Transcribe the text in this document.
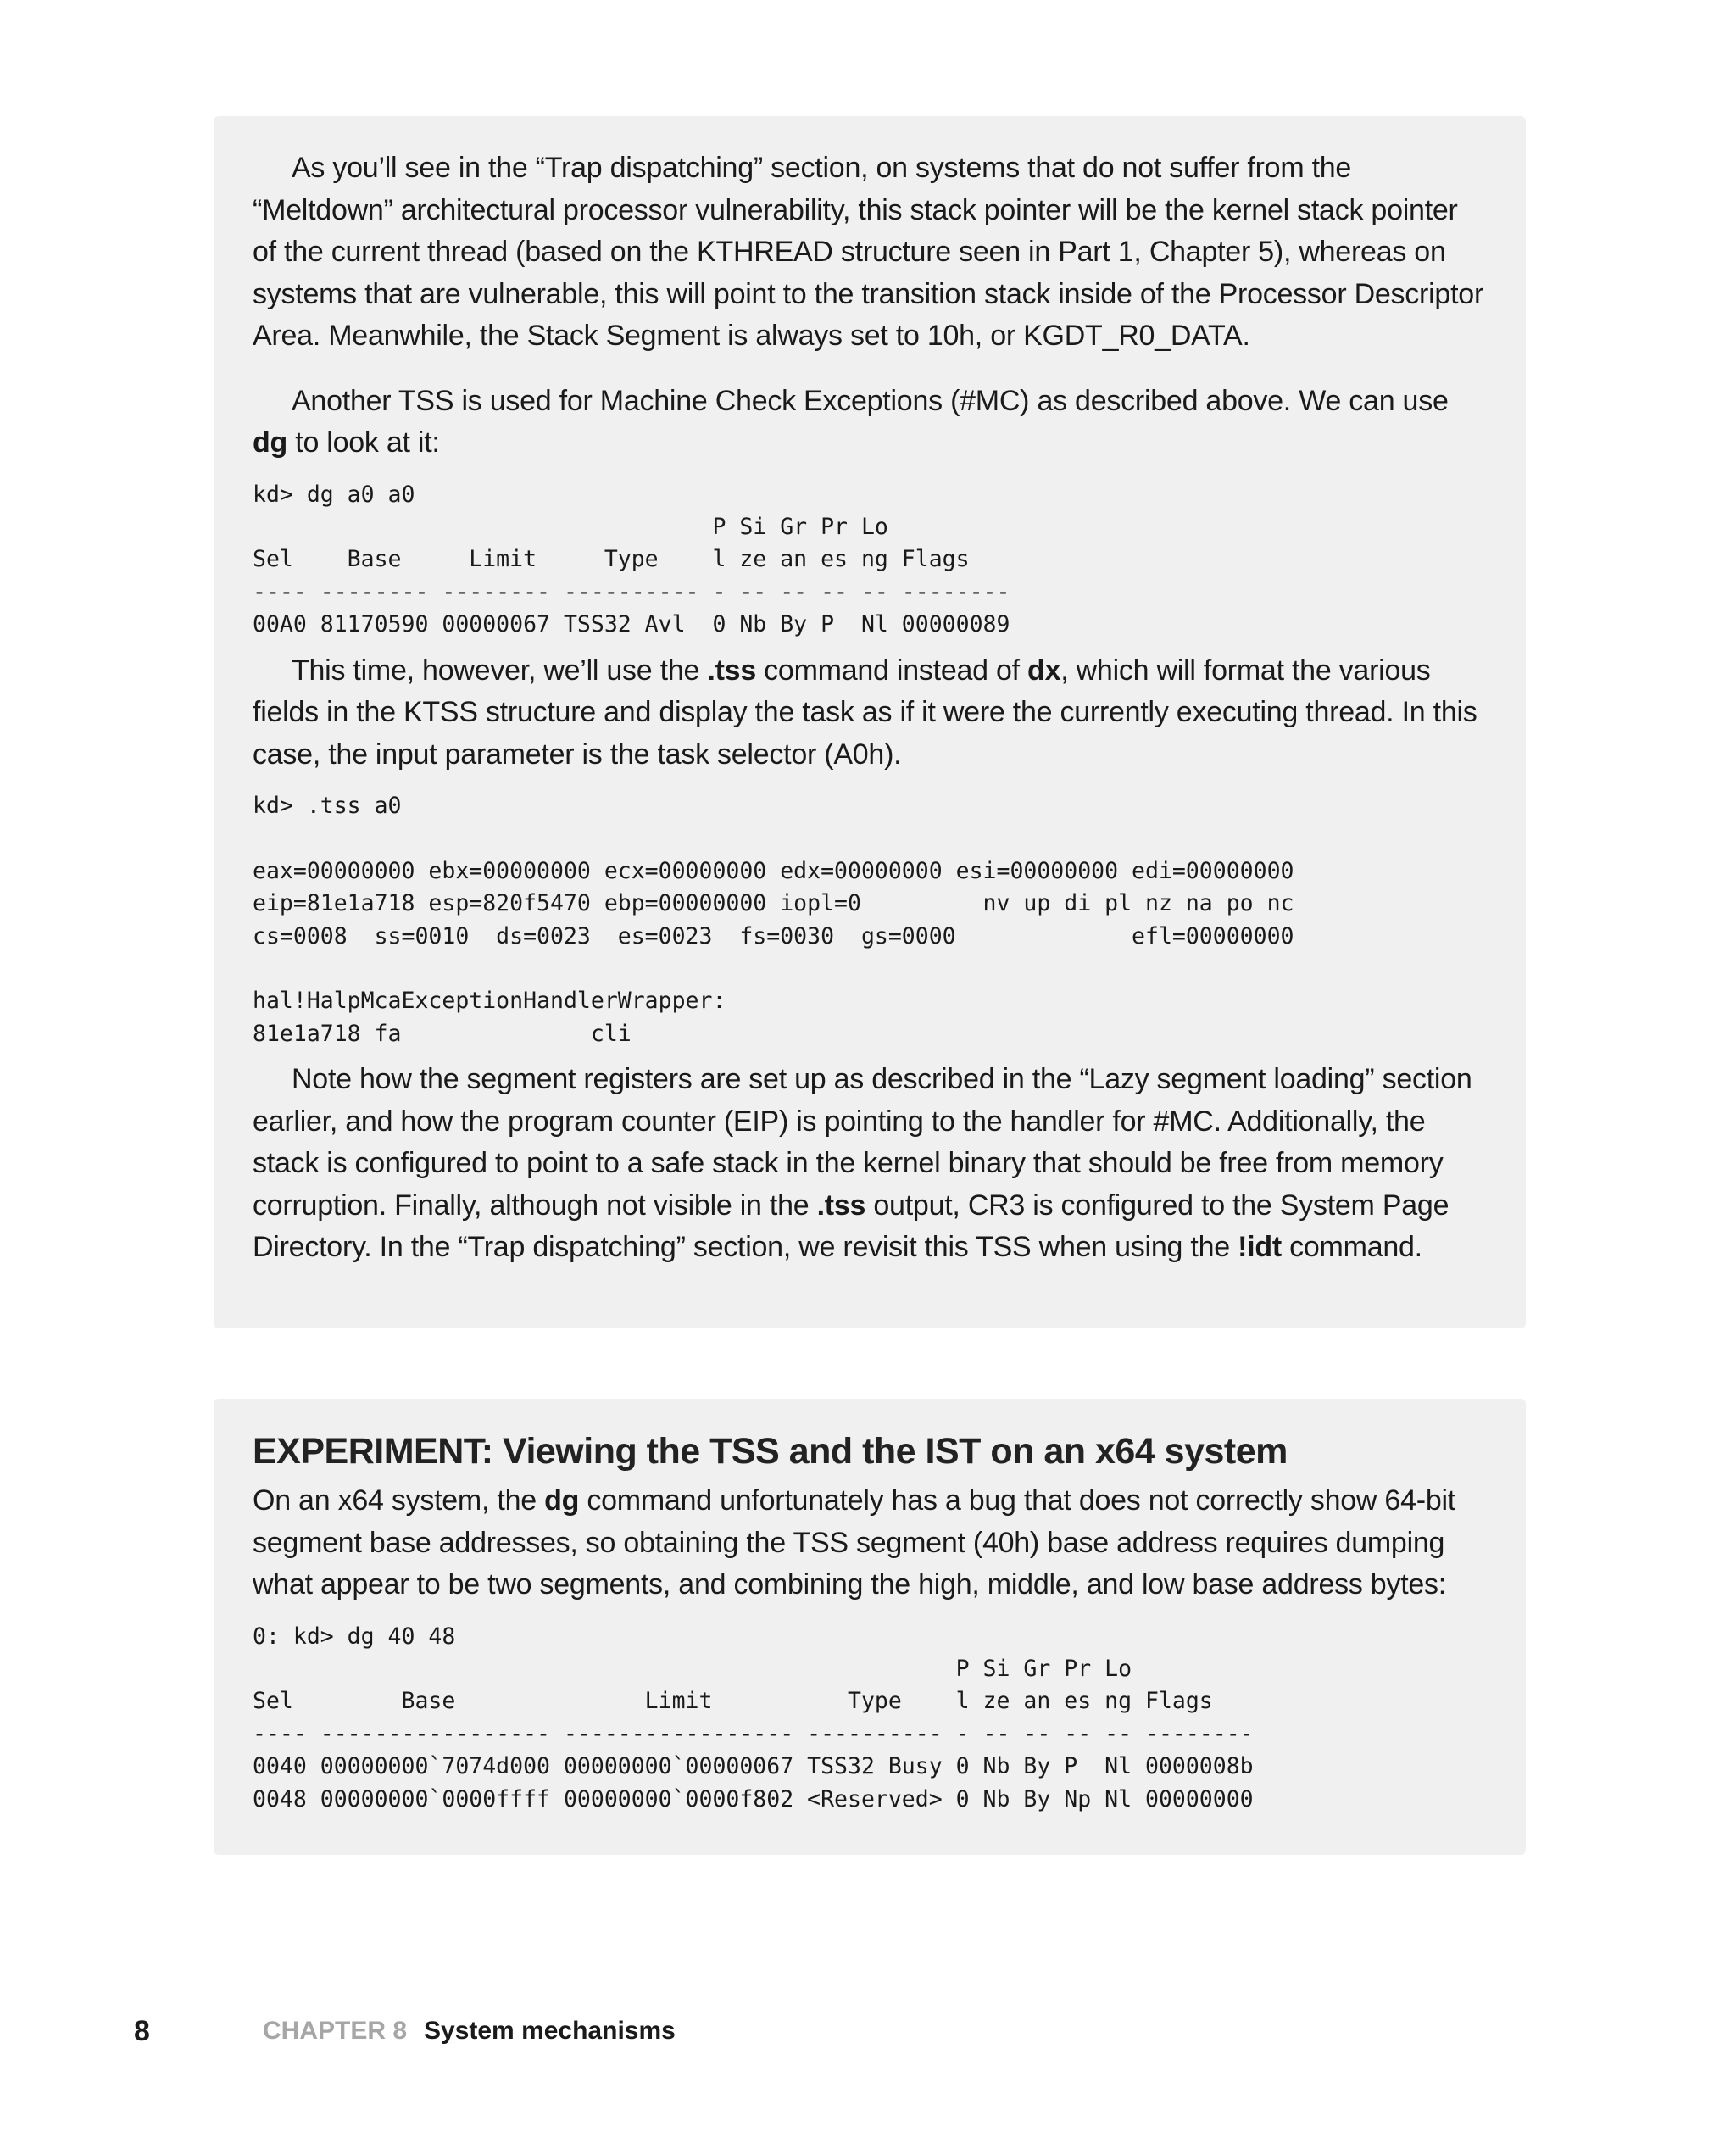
As you’ll see in the “Trap dispatching” section, on systems that do not suffer from the “Meltdown” architectural processor vulnerability, this stack pointer will be the kernel stack pointer of the current thread (based on the KTHREAD structure seen in Part 1, Chapter 5), whereas on systems that are vulnerable, this will point to the transition stack inside of the Processor Descriptor Area. Meanwhile, the Stack Segment is always set to 10h, or KGDT_R0_DATA.

Another TSS is used for Machine Check Exceptions (#MC) as described above. We can use dg to look at it:

kd> dg a0 a0
P Si Gr Pr Lo
Sel    Base     Limit     Type    l ze an es ng Flags
---- -------- -------- ---------- - -- -- -- -- --------
00A0 81170590 00000067 TSS32 Avl  0 Nb By P  Nl 00000089

This time, however, we’ll use the .tss command instead of dx, which will format the various fields in the KTSS structure and display the task as if it were the currently executing thread. In this case, the input parameter is the task selector (A0h).

kd> .tss a0

eax=00000000 ebx=00000000 ecx=00000000 edx=00000000 esi=00000000 edi=00000000
eip=81e1a718 esp=820f5470 ebp=00000000 iopl=0         nv up di pl nz na po nc
cs=0008  ss=0010  ds=0023  es=0023  fs=0030  gs=0000             efl=00000000

hal!HalpMcaExceptionHandlerWrapper:
81e1a718 fa              cli

Note how the segment registers are set up as described in the “Lazy segment loading” section earlier, and how the program counter (EIP) is pointing to the handler for #MC. Additionally, the stack is configured to point to a safe stack in the kernel binary that should be free from memory corruption. Finally, although not visible in the .tss output, CR3 is configured to the System Page Directory. In the “Trap dispatching” section, we revisit this TSS when using the !idt command.

EXPERIMENT: Viewing the TSS and the IST on an x64 system

On an x64 system, the dg command unfortunately has a bug that does not correctly show 64-bit segment base addresses, so obtaining the TSS segment (40h) base address requires dumping what appear to be two segments, and combining the high, middle, and low base address bytes:

0: kd> dg 40 48
P Si Gr Pr Lo
Sel        Base              Limit          Type    l ze an es ng Flags
---- ----------------- ----------------- ---------- - -- -- -- -- --------
0040 00000000`7074d000 00000000`00000067 TSS32 Busy 0 Nb By P  Nl 0000008b
0048 00000000`0000ffff 00000000`0000f802 <Reserved> 0 Nb By Np Nl 00000000
8	CHAPTER 8 System mechanisms
